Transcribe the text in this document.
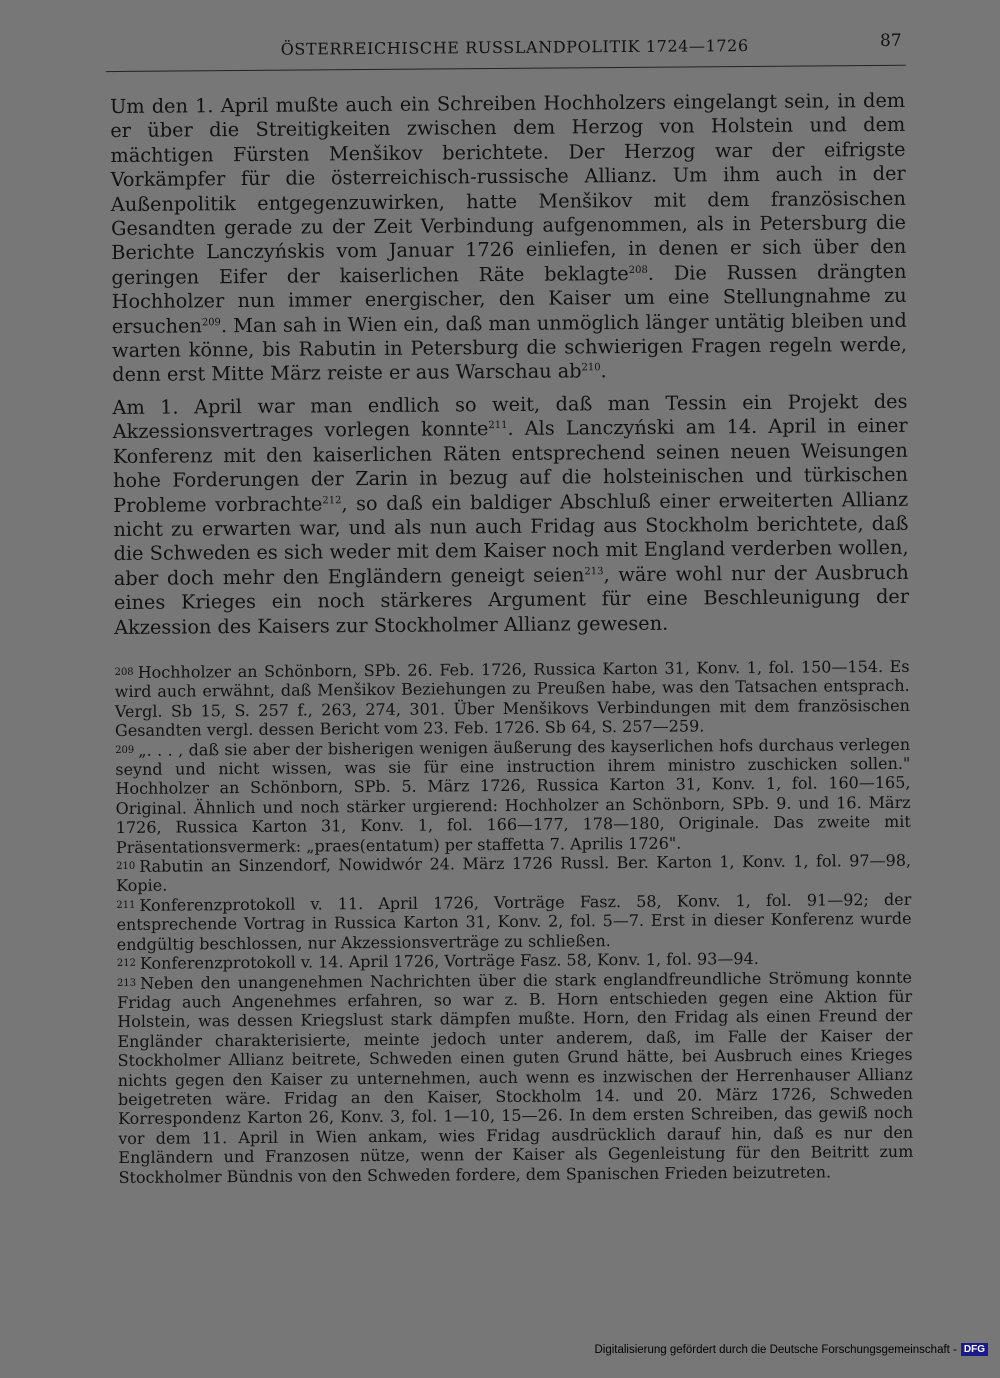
ÖSTERREICHISCHE RUSSLANDPOLITIK 1724—1726	87

Um den 1. April mußte auch ein Schreiben Hochholzers eingelangt sein, in dem er über die Streitigkeiten zwischen dem Herzog von Holstein und dem mächtigen Fürsten Menšikov berichtete. Der Herzog war der eifrigste Vorkämpfer für die österreichisch-russische Allianz. Um ihm auch in der Außenpolitik entgegenzuwirken, hatte Menšikov mit dem französischen Gesandten gerade zu der Zeit Verbindung aufgenommen, als in Petersburg die Berichte Lanczyńskis vom Januar 1726 einliefen, in denen er sich über den geringen Eifer der kaiserlichen Räte beklagte$^{208}$. Die Russen drängten Hochholzer nun immer energischer, den Kaiser um eine Stellungnahme zu ersuchen$^{209}$. Man sah in Wien ein, daß man unmöglich länger untätig bleiben und warten könne, bis Rabutin in Petersburg die schwierigen Fragen regeln werde, denn erst Mitte März reiste er aus Warschau $ab^{210}$.

Am 1. April war man endlich so weit, daß man Tessin ein Projekt des Akzessionsvertrages vorlegen konnte$^{211}$. Als Lanczyński am 14. April in einer Konferenz mit den kaiserlichen Räten entsprechend seinen neuen Weisungen hohe Forderungen der Zarin in bezug auf die holsteinischen und türkischen Probleme vorbrachte$^{212}$, so daß ein baldiger Abschluß einer erweiterten Allianz nicht zu erwarten war, und als nun auch Fridag aus Stockholm berichtete, daß die Schweden es sich weder mit dem Kaiser noch mit England verderben wollen, aber doch mehr den Engländern geneigt seien$^{213}$, wäre wohl nur der Ausbruch eines Krieges ein noch stärkeres Argument für eine Beschleunigung der Akzession des Kaisers zur Stockholmer Allianz gewesen.

208 Hochholzer an Schönborn, SPb. 26. Feb. 1726, Russica Karton 31, Konv. 1, fol. 150—154. Es wird auch erwähnt, daß Menšikov Beziehungen zu Preußen habe, was den Tatsachen entsprach. Vergl. Sb 15, S. 257 f., 263, 274, 301. Über Menšikovs Verbindungen mit dem französischen Gesandten vergl. dessen Bericht vom 23. Feb. 1726. Sb 64, S. 257—259.
209 „. . . , daß sie aber der bisherigen wenigen äußerung des kayserlichen hofs durchaus verlegen seynd und nicht wissen, was sie für eine instruction ihrem ministro zuschicken sollen." Hochholzer an Schönborn, SPb. 5. März 1726, Russica Karton 31, Konv. 1, fol. 160—165, Original. Ähnlich und noch stärker urgierend: Hochholzer an Schönborn, SPb. 9. und 16. März 1726, Russica Karton 31, Konv. 1, fol. 166—177, 178—180, Originale. Das zweite mit Präsentationsvermerk: „praes(entatum) per staffetta 7. Aprilis 1726".
210 Rabutin an Sinzendorf, Nowidwór 24. März 1726 Russl. Ber. Karton 1, Konv. 1, fol. 97—98, Kopie.
211 Konferenzprotokoll v. 11. April 1726, Vorträge Fasz. 58, Konv. 1, fol. 91—92; der entsprechende Vortrag in Russica Karton 31, Konv. 2, fol. 5—7. Erst in dieser Konferenz wurde endgültig beschlossen, nur Akzessionsverträge zu schließen.
212 Konferenzprotokoll v. 14. April 1726, Vorträge Fasz. 58, Konv. 1, fol. 93—94.
213 Neben den unangenehmen Nachrichten über die stark englandfreundliche Strömung konnte Fridag auch Angenehmes erfahren, so war z. B. Horn entschieden gegen eine Aktion für Holstein, was dessen Kriegslust stark dämpfen mußte. Horn, den Fridag als einen Freund der Engländer charakterisierte, meinte jedoch unter anderem, daß, im Falle der Kaiser der Stockholmer Allianz beitrete, Schweden einen guten Grund hätte, bei Ausbruch eines Krieges nichts gegen den Kaiser zu unternehmen, auch wenn es inzwischen der Herrenhauser Allianz beigetreten wäre. Fridag an den Kaiser, Stockholm 14. und 20. März 1726, Schweden Korrespondenz Karton 26, Konv. 3, fol. 1—10, 15—26. In dem ersten Schreiben, das gewiß noch vor dem 11. April in Wien ankam, wies Fridag ausdrücklich darauf hin, daß es nur den Engländern und Franzosen nütze, wenn der Kaiser als Gegenleistung für den Beitritt zum Stockholmer Bündnis von den Schweden fordere, dem Spanischen Frieden beizutreten.
Digitalisierung gefördert durch die Deutsche Forschungsgemeinschaft - DFG
